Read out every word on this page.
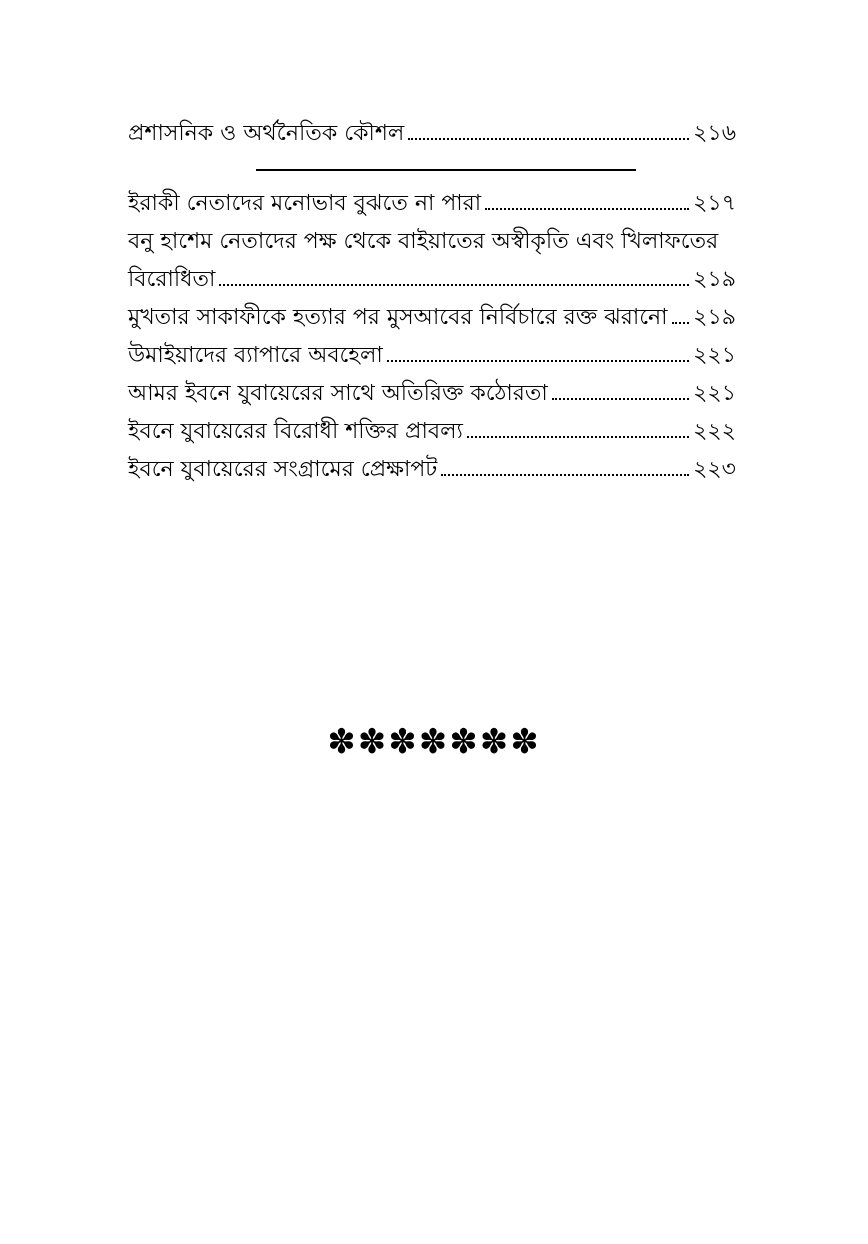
প্রশাসনিক ও অর্থনৈতিক কৌশল	২১৬
ইরাকী নেতাদের মনোভাব বুঝতে না পারা	২১৭
বনু হাশেম নেতাদের পক্ষ থেকে বাইয়াতের অস্বীকৃতি এবং খিলাফতের
বিরোধিতা	২১৯
মুখতার সাকাফীকে হত্যার পর মুসআবের নির্বিচারে রক্ত ঝরানো ২১৯
উমাইয়াদের ব্যাপারে অবহেলা	২২১
আমর ইবনে যুবায়েরের সাথে অতিরিক্ত কঠোরতা	২২১
ইবনে যুবায়েরের বিরোধী শক্তির প্রাবল্য	২২২
ইবনে যুবায়েরের সংগ্রামের প্রেক্ষাপট	২২৩
✽✽✽✽✽✽✽
